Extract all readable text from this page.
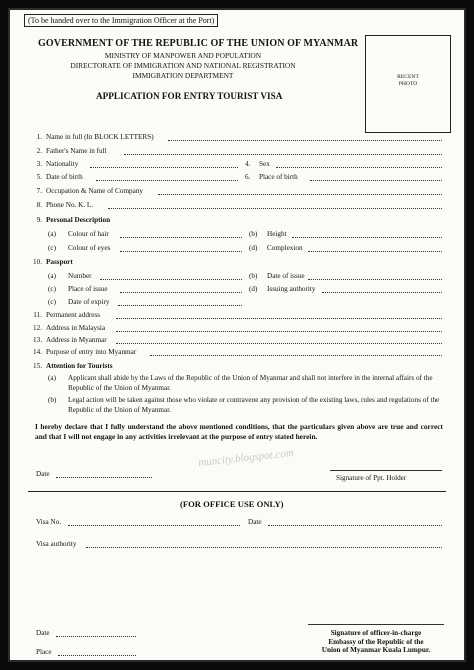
(To be handed over to the Immigration Officer at the Port)
GOVERNMENT OF THE REPUBLIC OF THE UNION OF MYANMAR
MINISTRY OF MANPOWER AND POPULATION
DIRECTORATE OF IMMIGRATION AND NATIONAL REGISTRATION
IMMIGRATION DEPARTMENT
APPLICATION FOR ENTRY TOURIST VISA
RECENT
PHOTO
1. Name in full (In BLOCK LETTERS)
2. Father's Name in full
3. Nationality	4. Sex
5. Date of birth	6. Place of birth
7. Occupation & Name of Company
8. Phone No. K. L.
9. Personal Description
(a) Colour of hair	(b) Height
(c) Colour of eyes	(d) Complexion
10. Passport
(a) Number	(b) Date of issue
(c) Place of issue	(d) Issuing authority
(c) Date of expiry
11. Permanent address
12. Address in Malaysia
13. Address in Myanmar
14. Purpose of entry into Myanmar
15. Attention for Tourists
(a) Applicant shall abide by the Laws of the Republic of the Union of Myanmar and shall not interfere in the internal affairs of the Republic of the Union of Myanmar.
(b) Legal action will be taken against those who violate or contravene any provision of the existing laws, rules and regulations of the Republic of the Union of Myanmar.
I hereby declare that I fully understand the above mentioned conditions, that the particulars given above are true and correct and that I will not engage in any activities irrelevant at the purpose of entry stated herein.
muncity.blogspot.com
Date	Signature of Ppt. Holder
(FOR OFFICE USE ONLY)
Visa No.	Date
Visa authority
Date
Place
Signature of officer-in-charge
Embassy of the Republic of the
Union of Myanmar Kuala Lumpur.
